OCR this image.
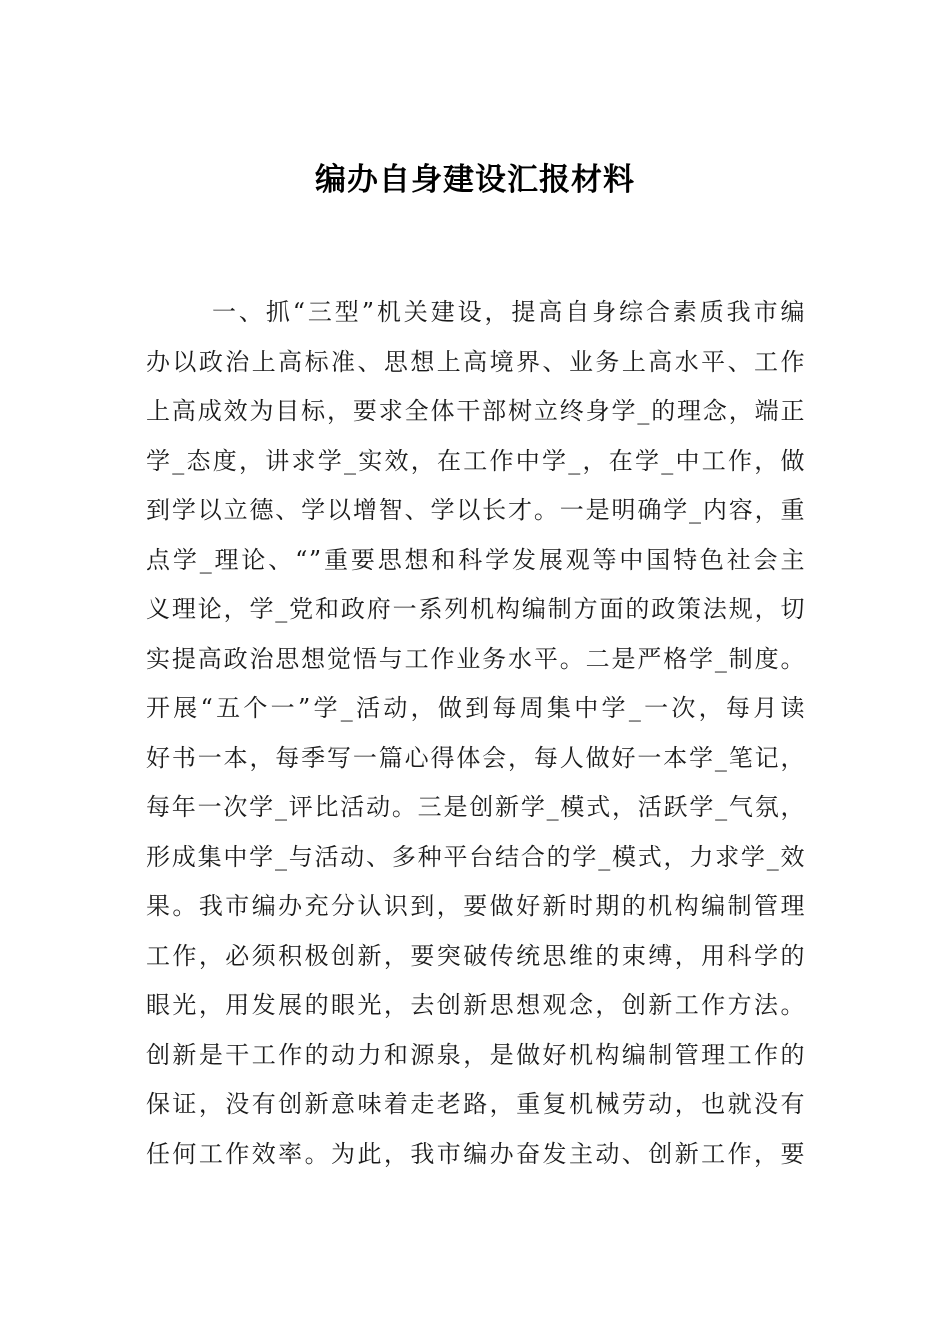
编办自身建设汇报材料
一、抓“三型”机关建设，提高自身综合素质我市编
办以政治上高标准、思想上高境界、业务上高水平、工作
上高成效为目标，要求全体干部树立终身学_的理念，端正
学_态度，讲求学_实效，在工作中学_，在学_中工作，做
到学以立德、学以增智、学以长才。一是明确学_内容，重
点学_理论、“”重要思想和科学发展观等中国特色社会主
义理论，学_党和政府一系列机构编制方面的政策法规，切
实提高政治思想觉悟与工作业务水平。二是严格学_制度。
开展“五个一”学_活动，做到每周集中学_一次，每月读
好书一本，每季写一篇心得体会，每人做好一本学_笔记，
每年一次学_评比活动。三是创新学_模式，活跃学_气氛，
形成集中学_与活动、多种平台结合的学_模式，力求学_效
果。我市编办充分认识到，要做好新时期的机构编制管理
工作，必须积极创新，要突破传统思维的束缚，用科学的
眼光，用发展的眼光，去创新思想观念，创新工作方法。
创新是干工作的动力和源泉，是做好机构编制管理工作的
保证，没有创新意味着走老路，重复机械劳动，也就没有
任何工作效率。为此，我市编办奋发主动、创新工作，要
